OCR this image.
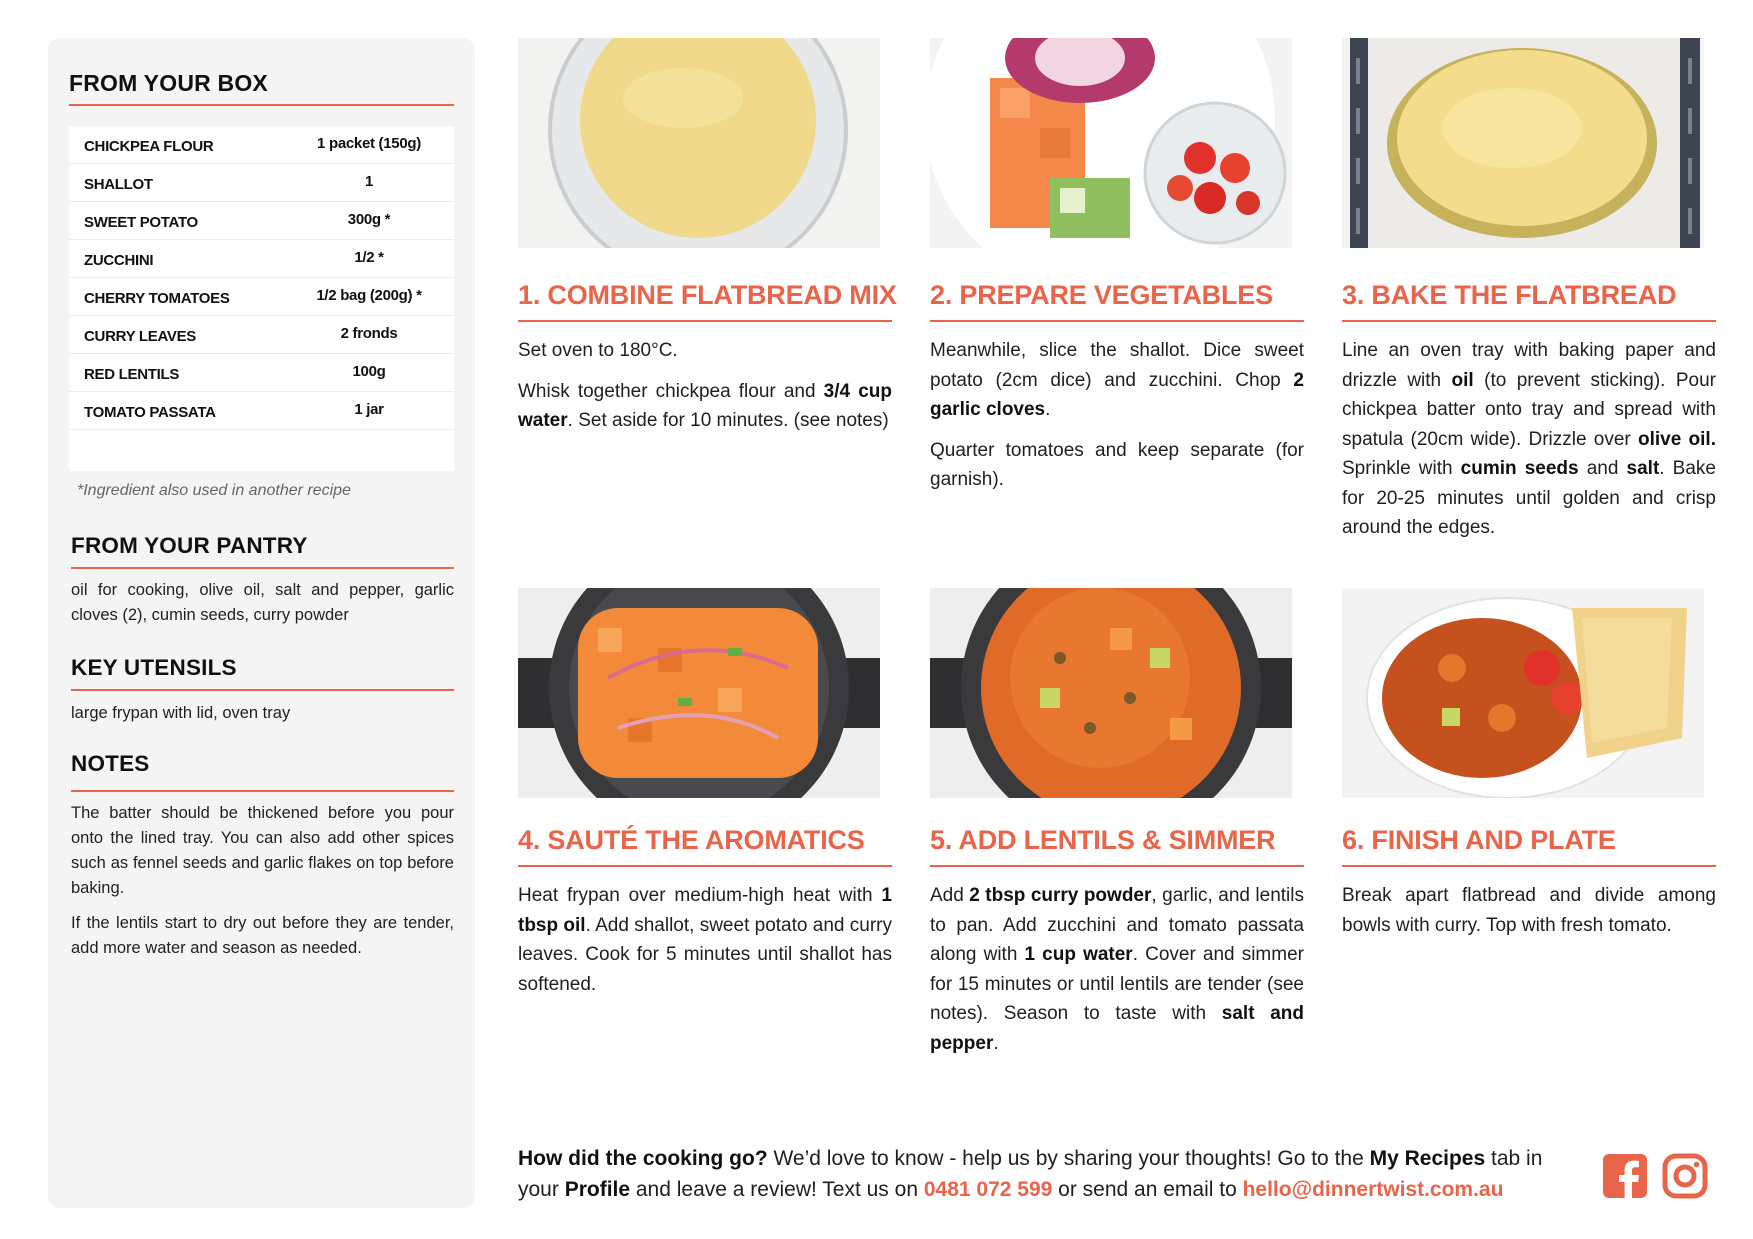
FROM YOUR BOX
CHICKPEA FLOUR	1 packet (150g)
SHALLOT	1
SWEET POTATO	300g *
ZUCCHINI	1/2 *
CHERRY TOMATOES	1/2 bag (200g) *
CURRY LEAVES	2 fronds
RED LENTILS	100g
TOMATO PASSATA	1 jar
*Ingredient also used in another recipe
FROM YOUR PANTRY
oil for cooking, olive oil, salt and pepper, garlic cloves (2), cumin seeds, curry powder
KEY UTENSILS
large frypan with lid, oven tray
NOTES

The batter should be thickened before you pour onto the lined tray. You can also add other spices such as fennel seeds and garlic flakes on top before baking.

If the lentils start to dry out before they are tender, add more water and season as needed.

1. COMBINE FLATBREAD MIX

Set oven to 180°C.

Whisk together chickpea flour and 3/4 cup water. Set aside for 10 minutes. (see notes)

2. PREPARE VEGETABLES

Meanwhile, slice the shallot. Dice sweet potato (2cm dice) and zucchini. Chop 2 garlic cloves.

Quarter tomatoes and keep separate (for garnish).

3. BAKE THE FLATBREAD

Line an oven tray with baking paper and drizzle with oil (to prevent sticking). Pour chickpea batter onto tray and spread with spatula (20cm wide). Drizzle over olive oil. Sprinkle with cumin seeds and salt. Bake for 20-25 minutes until golden and crisp around the edges.

4. SAUTÉ THE AROMATICS

Heat frypan over medium-high heat with 1 tbsp oil. Add shallot, sweet potato and curry leaves. Cook for 5 minutes until shallot has softened.

5. ADD LENTILS & SIMMER

Add 2 tbsp curry powder, garlic, and lentils to pan. Add zucchini and tomato passata along with 1 cup water. Cover and simmer for 15 minutes or until lentils are tender (see notes). Season to taste with salt and pepper.

6. FINISH AND PLATE

Break apart flatbread and divide among bowls with curry. Top with fresh tomato.

How did the cooking go? We’d love to know - help us by sharing your thoughts! Go to the My Recipes tab in your Profile and leave a review! Text us on 0481 072 599 or send an email to hello@dinnertwist.com.au
